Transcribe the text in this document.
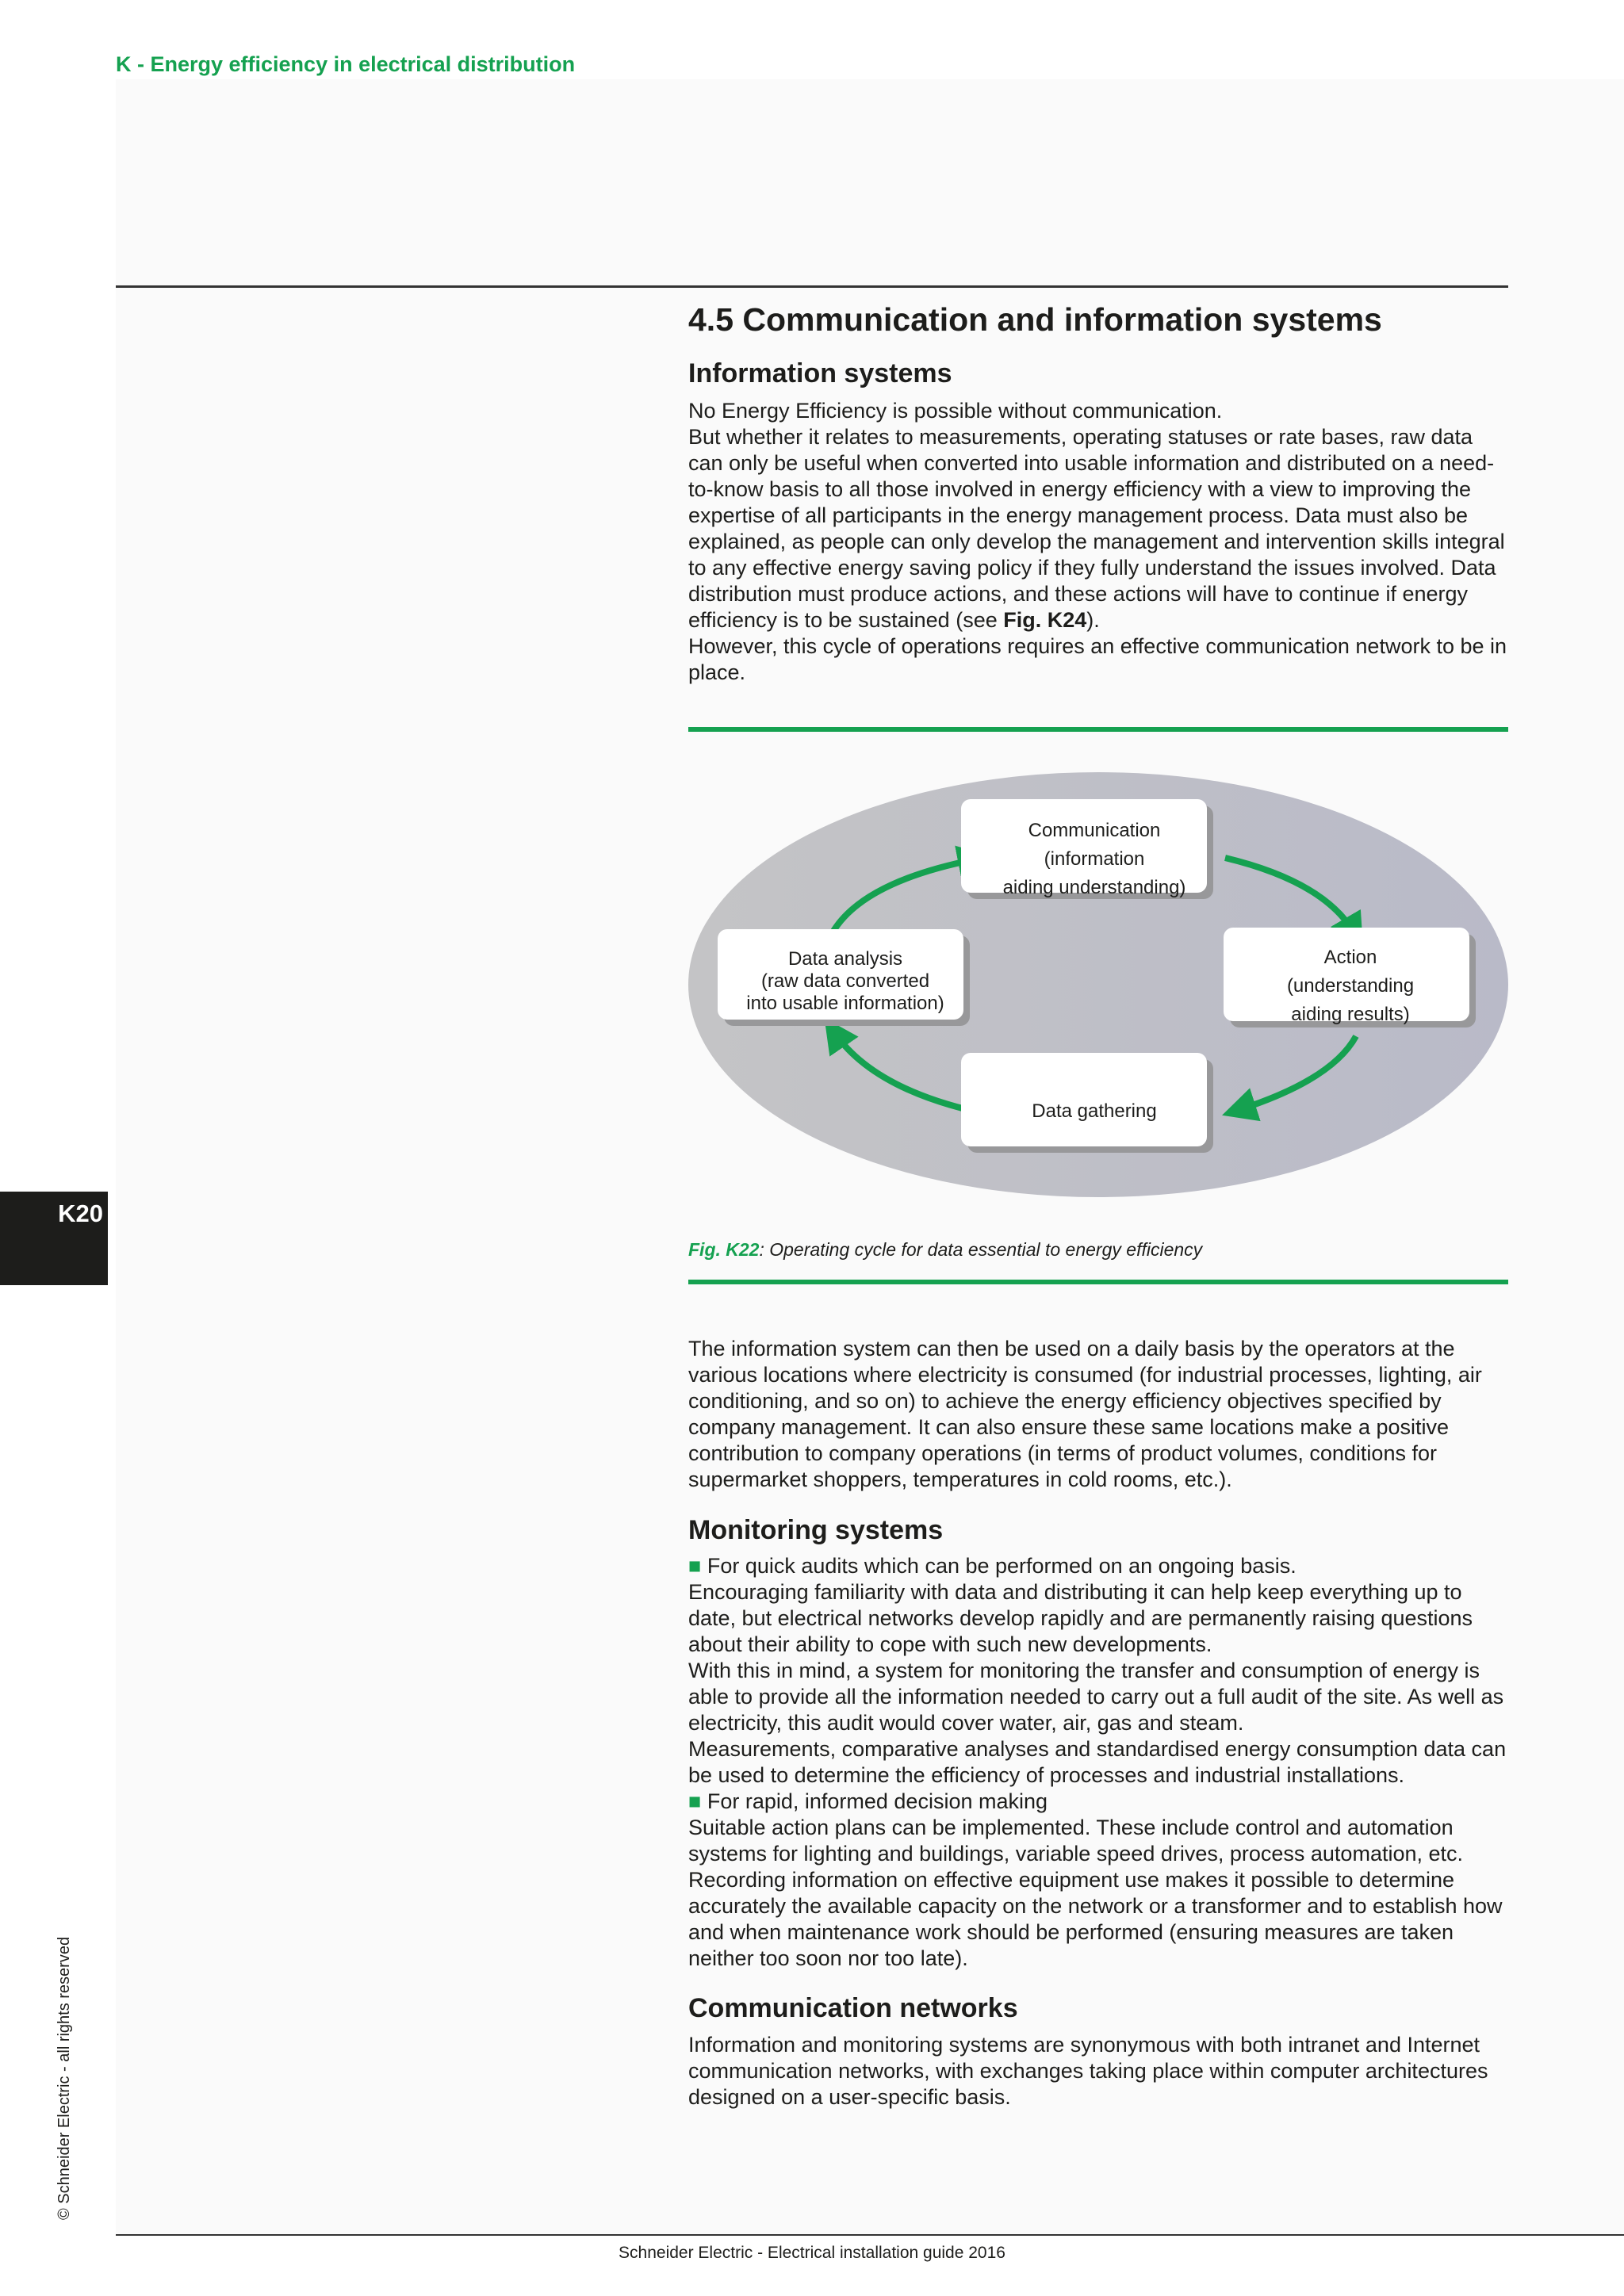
K - Energy efficiency in electrical distribution

4.5 Communication and information systems
Information systems

No Energy Efficiency is possible without communication.

But whether it relates to measurements, operating statuses or rate bases, raw data can only be useful when converted into usable information and distributed on a need-to-know basis to all those involved in energy efficiency with a view to improving the expertise of all participants in the energy management process. Data must also be explained, as people can only develop the management and intervention skills integral to any effective energy saving policy if they fully understand the issues involved. Data distribution must produce actions, and these actions will have to continue if energy efficiency is to be sustained (see Fig. K24).

However, this cycle of operations requires an effective communication network to be in place.

Communication
(information
aiding understanding)
Action
(understanding
aiding results)
Data gathering
Data analysis
(raw data converted
into usable information)

Fig. K22: Operating cycle for data essential to energy efficiency

The information system can then be used on a daily basis by the operators at the various locations where electricity is consumed (for industrial processes, lighting, air conditioning, and so on) to achieve the energy efficiency objectives specified by company management. It can also ensure these same locations make a positive contribution to company operations (in terms of product volumes, conditions for supermarket shoppers, temperatures in cold rooms, etc.).

Monitoring systems

■ For quick audits which can be performed on an ongoing basis.

Encouraging familiarity with data and distributing it can help keep everything up to date, but electrical networks develop rapidly and are permanently raising questions about their ability to cope with such new developments.

With this in mind, a system for monitoring the transfer and consumption of energy is able to provide all the information needed to carry out a full audit of the site. As well as electricity, this audit would cover water, air, gas and steam.

Measurements, comparative analyses and standardised energy consumption data can be used to determine the efficiency of processes and industrial installations.

■ For rapid, informed decision making

Suitable action plans can be implemented. These include control and automation systems for lighting and buildings, variable speed drives, process automation, etc. Recording information on effective equipment use makes it possible to determine accurately the available capacity on the network or a transformer and to establish how and when maintenance work should be performed (ensuring measures are taken neither too soon nor too late).

Communication networks

Information and monitoring systems are synonymous with both intranet and Internet communication networks, with exchanges taking place within computer architectures designed on a user-specific basis.

K20

© Schneider Electric - all rights reserved

Schneider Electric - Electrical installation guide 2016
